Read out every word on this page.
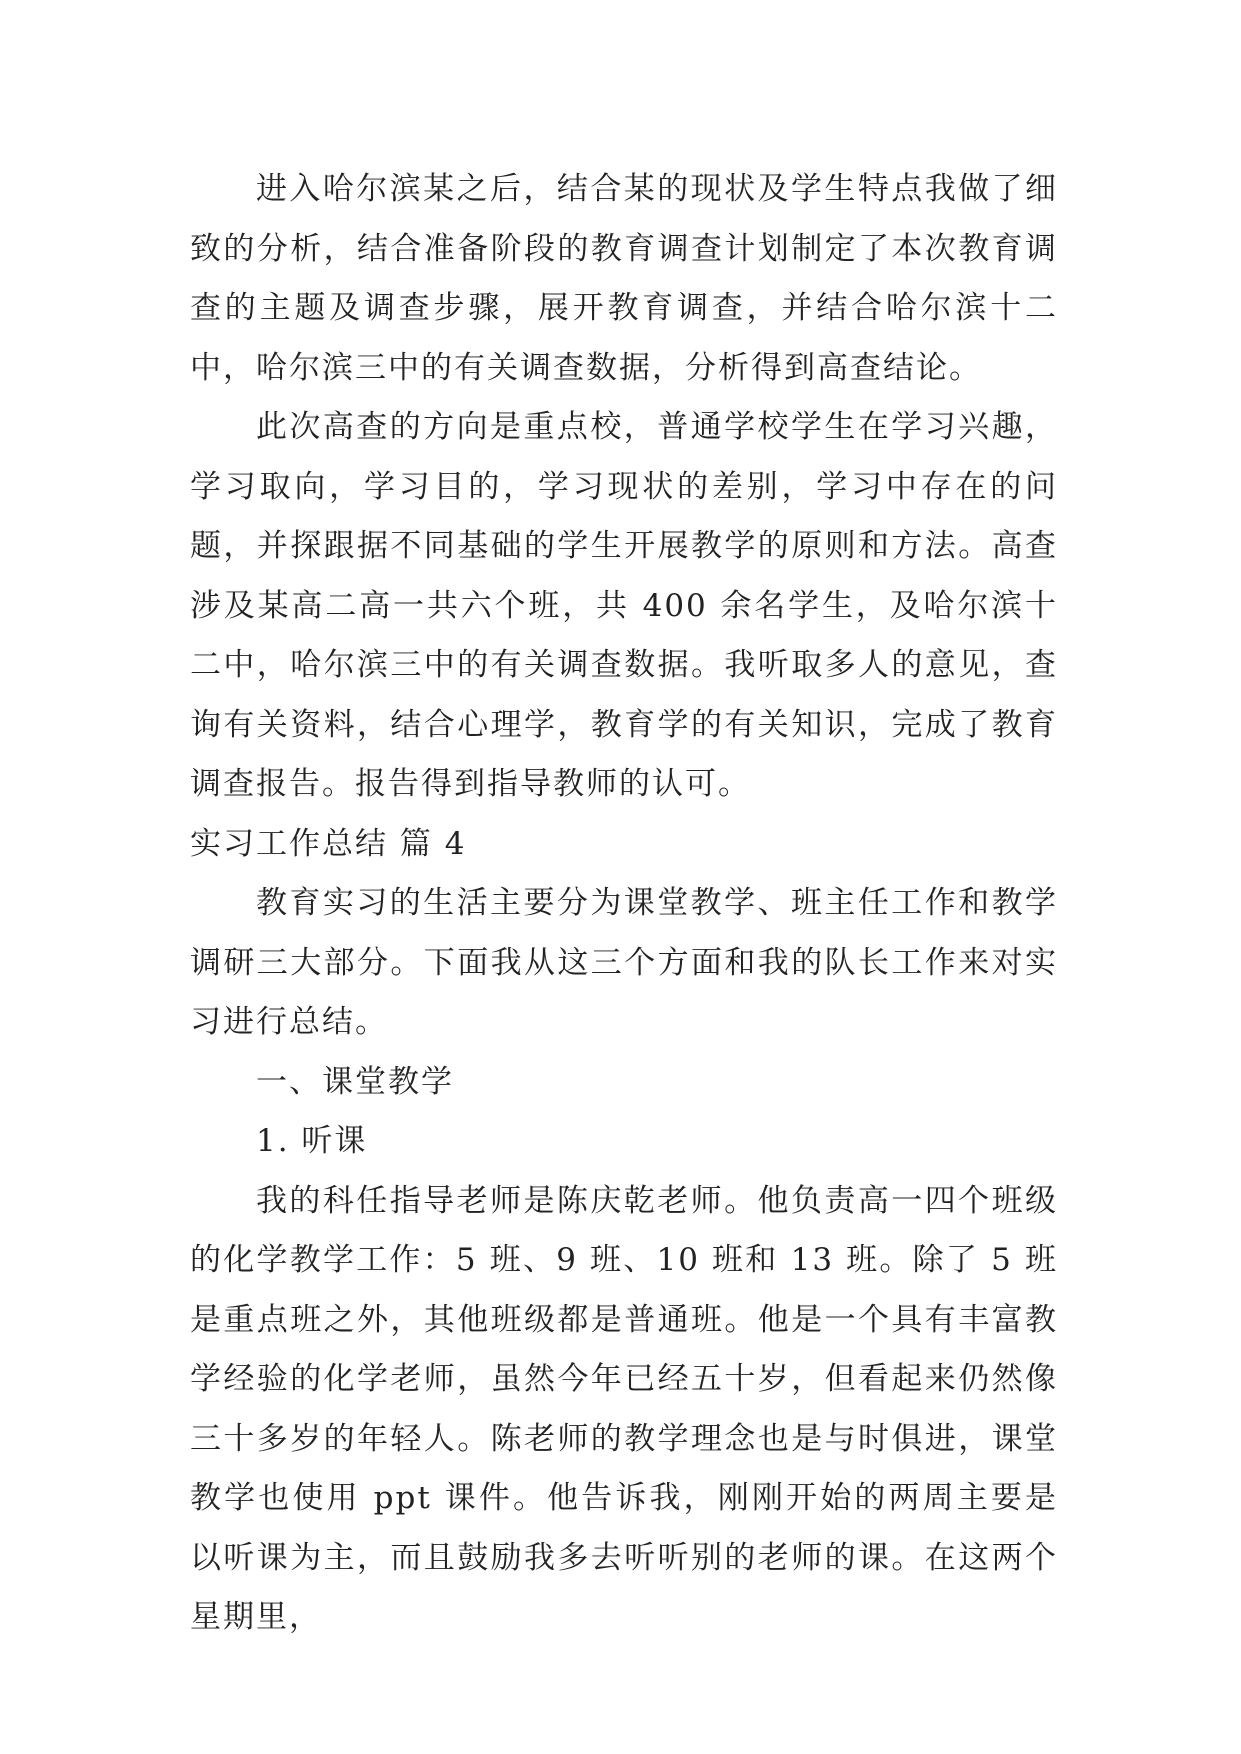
进入哈尔滨某之后，结合某的现状及学生特点我做了细致的分析，结合准备阶段的教育调查计划制定了本次教育调查的主题及调查步骤，展开教育调查，并结合哈尔滨十二中，哈尔滨三中的有关调查数据，分析得到高查结论。

此次高查的方向是重点校，普通学校学生在学习兴趣，学习取向，学习目的，学习现状的差别，学习中存在的问题，并探跟据不同基础的学生开展教学的原则和方法。高查涉及某高二高一共六个班，共 400 余名学生，及哈尔滨十二中，哈尔滨三中的有关调查数据。我听取多人的意见，查询有关资料，结合心理学，教育学的有关知识，完成了教育调查报告。报告得到指导教师的认可。

实习工作总结 篇 4

教育实习的生活主要分为课堂教学、班主任工作和教学调研三大部分。下面我从这三个方面和我的队长工作来对实习进行总结。

一、课堂教学

1. 听课

我的科任指导老师是陈庆乾老师。他负责高一四个班级的化学教学工作：5 班、9 班、10 班和 13 班。除了 5 班是重点班之外，其他班级都是普通班。他是一个具有丰富教学经验的化学老师，虽然今年已经五十岁，但看起来仍然像三十多岁的年轻人。陈老师的教学理念也是与时俱进，课堂教学也使用 ppt 课件。他告诉我，刚刚开始的两周主要是以听课为主，而且鼓励我多去听听别的老师的课。在这两个星期里，
